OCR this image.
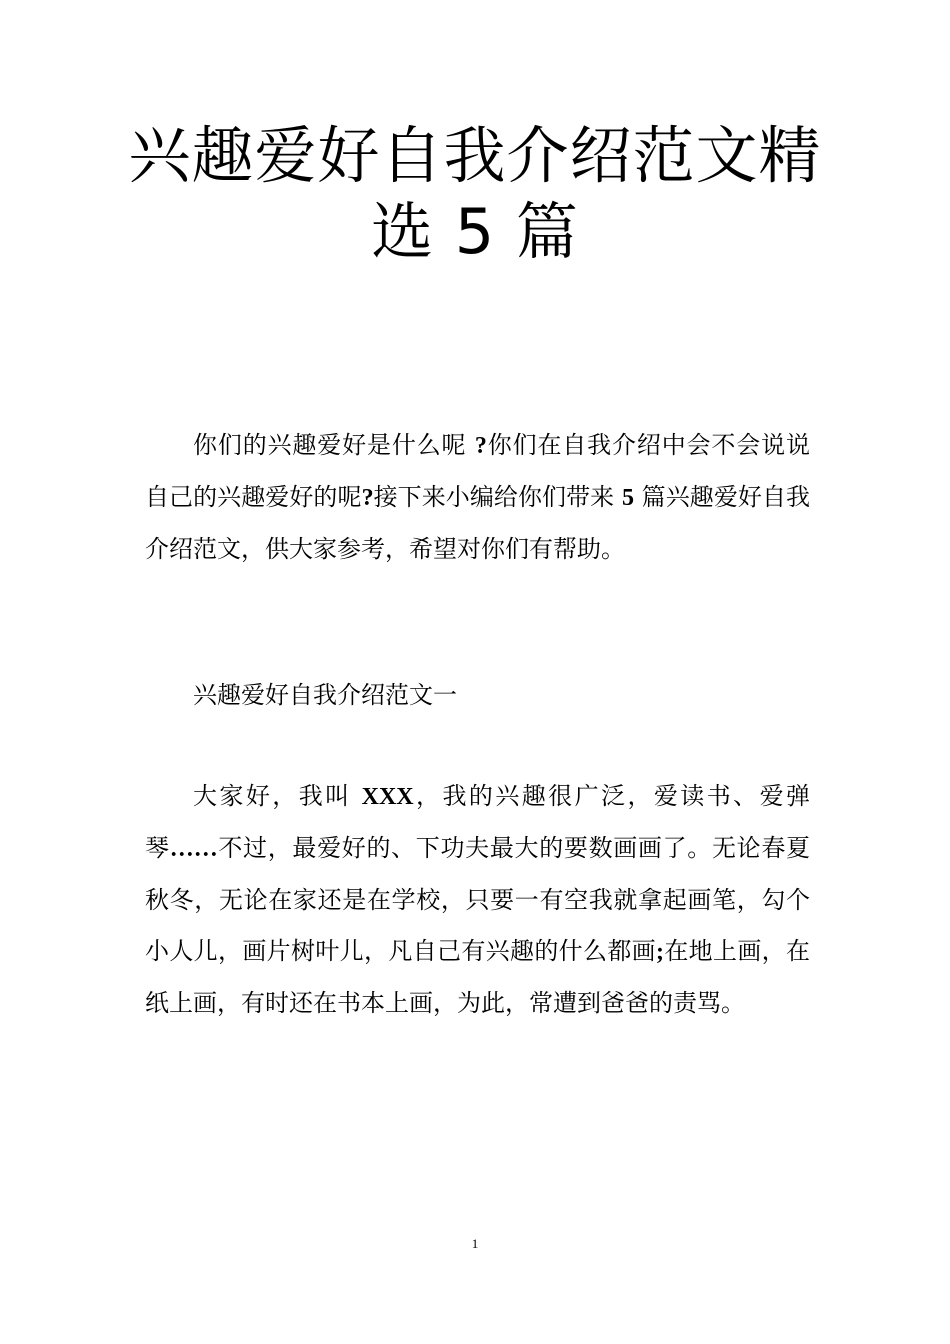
兴趣爱好自我介绍范文精
选 5 篇

你们的兴趣爱好是什么呢 ?你们在自我介绍中会不会说说自己的兴趣爱好的呢?接下来小编给你们带来 5 篇兴趣爱好自我介绍范文，供大家参考，希望对你们有帮助。

兴趣爱好自我介绍范文一

大家好，我叫 XXX，我的兴趣很广泛，爱读书、爱弹琴……不过，最爱好的、下功夫最大的要数画画了。无论春夏秋冬，无论在家还是在学校，只要一有空我就拿起画笔，勾个小人儿，画片树叶儿，凡自己有兴趣的什么都画;在地上画，在纸上画，有时还在书本上画，为此，常遭到爸爸的责骂。

1
